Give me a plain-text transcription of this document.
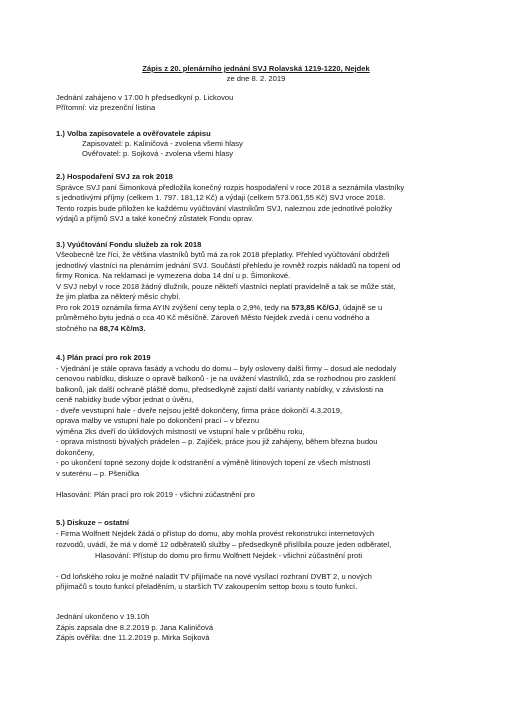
Zápis z 20. plenárního jednání SVJ Rolavská 1219-1220, Nejdek
ze dne 8. 2. 2019
Jednání zahájeno v 17.00 h předsedkyní p. Lickovou
Přítomní: viz prezenční listina
1.) Volba zapisovatele a ověřovatele zápisu
Zapisovatel: p. Kaliničová - zvolena všemi hlasy
Ověřovatel: p. Sojková - zvolena všemi hlasy
2.) Hospodaření SVJ za rok 2018
Správce SVJ paní Šimonková předložila konečný rozpis hospodaření v roce 2018 a seznámila vlastníky
s jednotlivými příjmy (celkem 1. 797. 181,12 Kč) a výdaji (celkem 573.061,55 Kč) SVJ vroce 2018.
Tento rozpis bude přiložen ke každému vyúčtování vlastníkům SVJ, naleznou zde jednotlivé položky
výdajů a příjmů SVJ a také konečný zůstatek Fondu oprav.
3.) Vyúčtování Fondu služeb za rok 2018
Všeobecně lze říci, že většina vlastníků bytů má za rok 2018 přeplatky. Přehled vyúčtování obdrželi
jednotlivý vlastníci na plenárním jednání SVJ. Součástí přehledu je rovněž rozpis nákladů na topení od
firmy Ronica. Na reklamaci je vymezena doba 14 dní u p. Šimonkové.
V SVJ nebyl v roce 2018 žádný dlužník, pouze někteří vlastníci neplatí pravidelně a tak se může stát,
že jim platba za některý měsíc chybí.
Pro rok 2019 oznámila firma AYIN zvýšení ceny tepla o 2,9%, tedy na 573,85 Kč/GJ, údajně se u
průměrného bytu jedná o cca 40 Kč měsíčně. Zároveň Město Nejdek zvedá i cenu vodného a
stočného na 88,74 Kč/m3.
4.) Plán prací pro rok 2019
- Vjednání je stále oprava fasády a vchodu do domu – byly osloveny další firmy – dosud ale nedodaly
cenovou nabídku, diskuze o opravě balkonů - je na uvážení vlastníků, zda se rozhodnou pro zasklení
balkonů, jak další ochraně pláště domu, předsedkyně zajistí další varianty nabídky, v závislosti na
ceně nabídky bude výbor jednat o úvěru,
- dveře vevstupní hale - dveře nejsou ještě dokončeny, firma práce dokončí 4.3.2019,
oprava malby ve vstupní hale po dokončení prací – v březnu
výměna 2ks dveří do úklidových místností ve vstupní hale v průběhu roku,
- oprava místnosti bývalých prádelen – p. Zajíček, práce jsou již zahájeny, během března budou
dokončeny,
- po ukončení topné sezony dojde k odstranění a výměně litinových topení ze všech místností
v suterénu – p. Pšenička
Hlasování: Plán prací pro rok 2019 - všichni zúčastnění pro
5.) Diskuze – ostatní
- Firma Wolfnett Nejdek žádá o přístup do domu, aby mohla provést rekonstrukci internetových
rozvodů, uvádí, že má v domě 12 odběratelů služby – předsedkyně přislíbila pouze jeden odběratel,
Hlasování: Přístup do domu pro firmu Wolfnett Nejdek - všichni zúčastnění proti
- Od loňského roku je možné naladit TV přijímače na nové vysílací rozhraní DVBT 2, u nových
přijímačů s touto funkcí přeladěním, u starších TV zakoupením settop boxu s touto funkcí.
Jednání ukončeno v 19.10h
Zápis zapsala dne 8.2.2019 p. Jana Kaliničová
Zápis ověřila: dne 11.2.2019 p. Mirka Sojková
